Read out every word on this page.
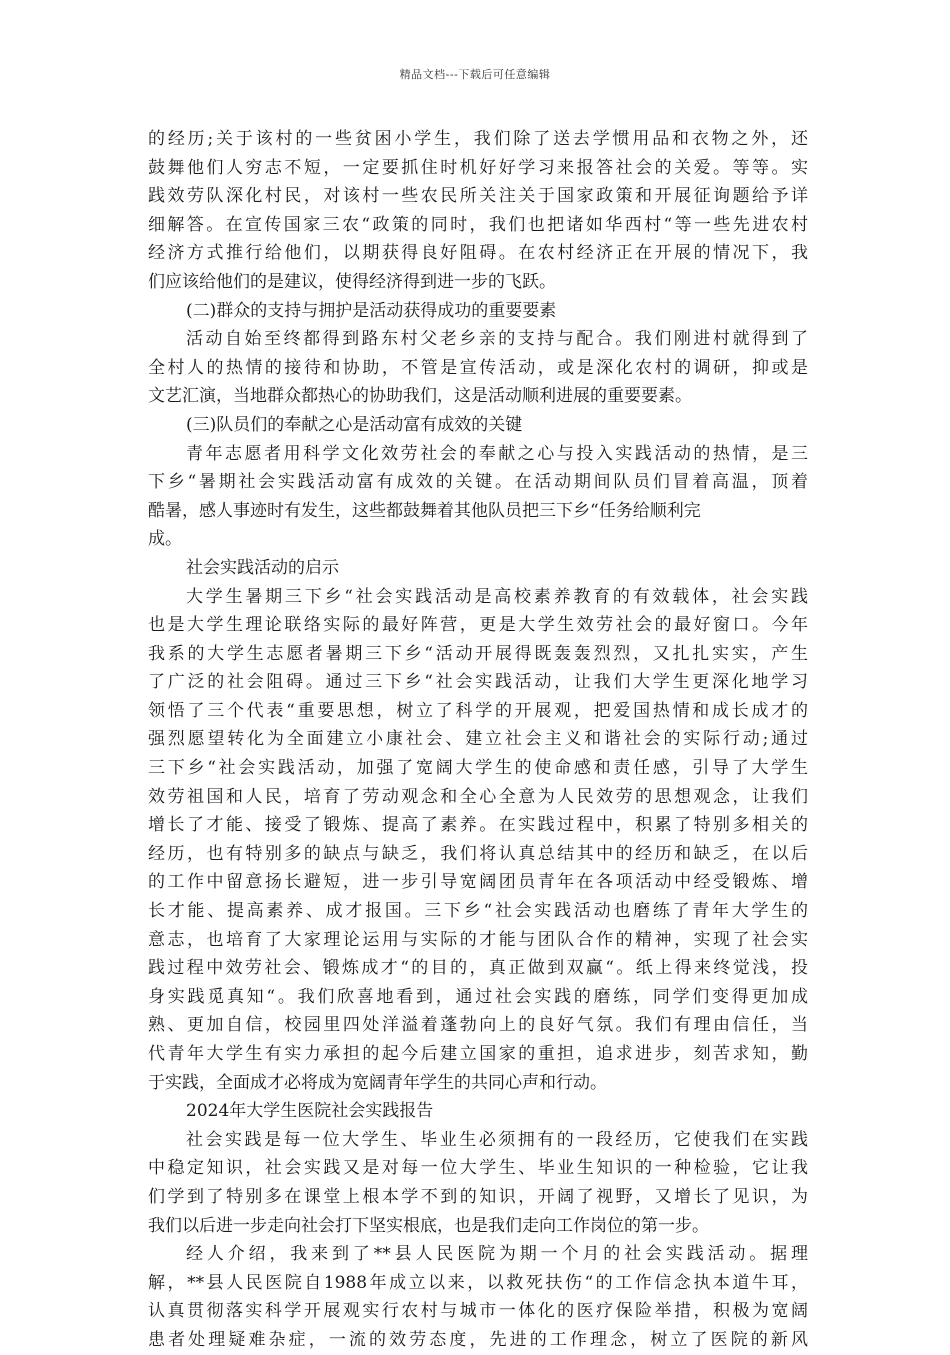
精品文档---下载后可任意编辑
的经历;关于该村的一些贫困小学生，我们除了送去学惯用品和衣物之外，还
鼓舞他们人穷志不短，一定要抓住时机好好学习来报答社会的关爱。等等。实
践效劳队深化村民，对该村一些农民所关注关于国家政策和开展征询题给予详
细解答。在宣传国家三农“政策的同时，我们也把诸如华西村“等一些先进农村
经济方式推行给他们，以期获得良好阻碍。在农村经济正在开展的情况下，我
们应该给他们的是建议，使得经济得到进一步的飞跃。
(二)群众的支持与拥护是活动获得成功的重要要素
活动自始至终都得到路东村父老乡亲的支持与配合。我们刚进村就得到了
全村人的热情的接待和协助，不管是宣传活动，或是深化农村的调研，抑或是
文艺汇演，当地群众都热心的协助我们，这是活动顺利进展的重要要素。
(三)队员们的奉献之心是活动富有成效的关键
青年志愿者用科学文化效劳社会的奉献之心与投入实践活动的热情，是三
下乡“暑期社会实践活动富有成效的关键。在活动期间队员们冒着高温，顶着
酷暑，感人事迹时有发生，这些都鼓舞着其他队员把三下乡“任务给顺利完
成。
社会实践活动的启示
大学生暑期三下乡“社会实践活动是高校素养教育的有效载体，社会实践
也是大学生理论联络实际的最好阵营，更是大学生效劳社会的最好窗口。今年
我系的大学生志愿者暑期三下乡“活动开展得既轰轰烈烈，又扎扎实实，产生
了广泛的社会阻碍。通过三下乡“社会实践活动，让我们大学生更深化地学习
领悟了三个代表“重要思想，树立了科学的开展观，把爱国热情和成长成才的
强烈愿望转化为全面建立小康社会、建立社会主义和谐社会的实际行动;通过
三下乡“社会实践活动，加强了宽阔大学生的使命感和责任感，引导了大学生
效劳祖国和人民，培育了劳动观念和全心全意为人民效劳的思想观念，让我们
增长了才能、接受了锻炼、提高了素养。在实践过程中，积累了特别多相关的
经历，也有特别多的缺点与缺乏，我们将认真总结其中的经历和缺乏，在以后
的工作中留意扬长避短，进一步引导宽阔团员青年在各项活动中经受锻炼、增
长才能、提高素养、成才报国。三下乡“社会实践活动也磨练了青年大学生的
意志，也培育了大家理论运用与实际的才能与团队合作的精神，实现了社会实
践过程中效劳社会、锻炼成才“的目的，真正做到双赢“。纸上得来终觉浅，投
身实践觅真知“。我们欣喜地看到，通过社会实践的磨练，同学们变得更加成
熟、更加自信，校园里四处洋溢着蓬勃向上的良好气氛。我们有理由信任，当
代青年大学生有实力承担的起今后建立国家的重担，追求进步，刻苦求知，勤
于实践，全面成才必将成为宽阔青年学生的共同心声和行动。
2024年大学生医院社会实践报告
社会实践是每一位大学生、毕业生必须拥有的一段经历，它使我们在实践
中稳定知识，社会实践又是对每一位大学生、毕业生知识的一种检验，它让我
们学到了特别多在课堂上根本学不到的知识，开阔了视野，又增长了见识，为
我们以后进一步走向社会打下坚实根底，也是我们走向工作岗位的第一步。
经人介绍，我来到了**县人民医院为期一个月的社会实践活动。据理
解，**县人民医院自1988年成立以来，以救死扶伤“的工作信念执本道牛耳，
认真贯彻落实科学开展观实行农村与城市一体化的医疗保险举措，积极为宽阔
患者处理疑难杂症，一流的效劳态度，先进的工作理念，树立了医院的新风
